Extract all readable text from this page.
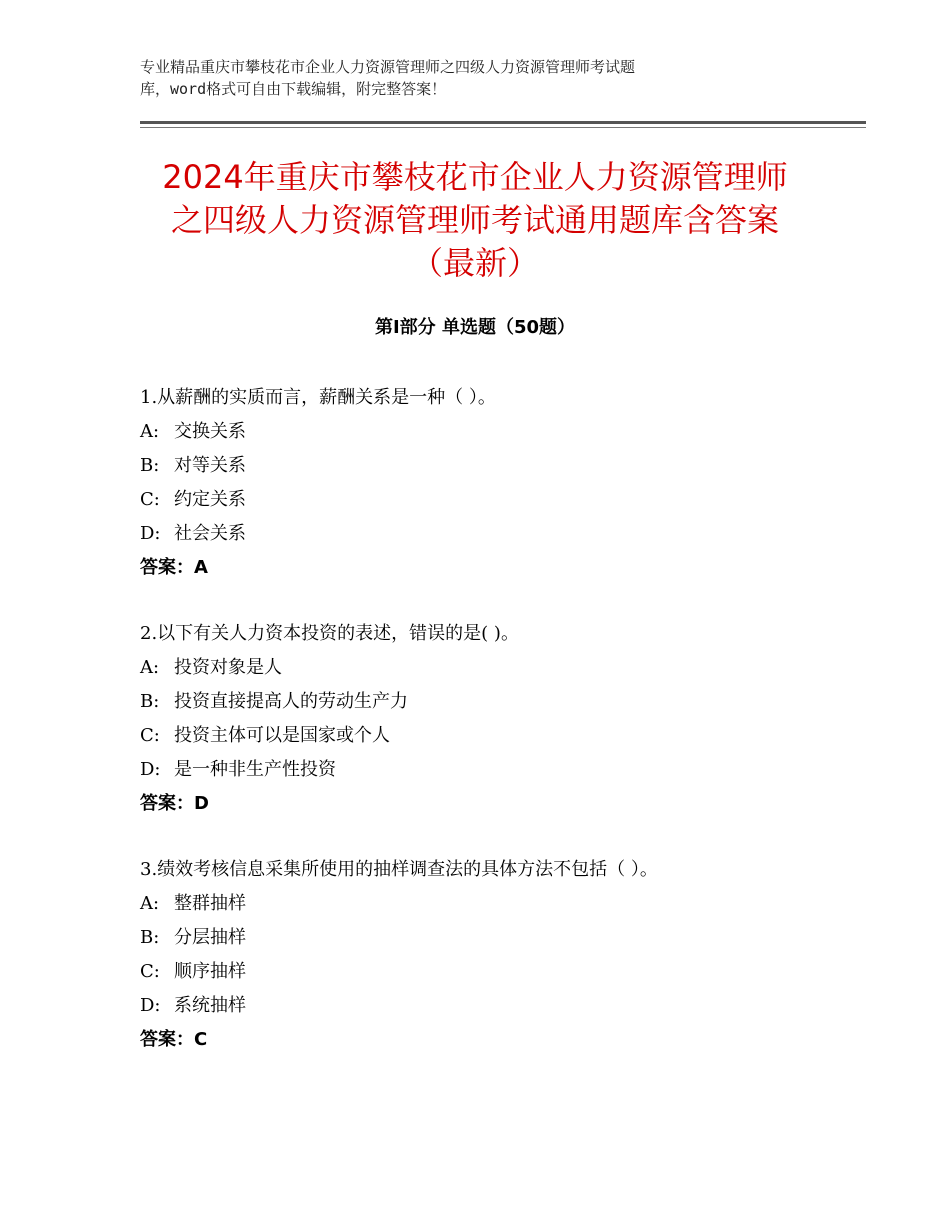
专业精品重庆市攀枝花市企业人力资源管理师之四级人力资源管理师考试题
库，word格式可自由下载编辑，附完整答案！
2024年重庆市攀枝花市企业人力资源管理师
之四级人力资源管理师考试通用题库含答案
（最新）
第Ⅰ部分 单选题（50题）
1.从薪酬的实质而言，薪酬关系是一种（ ）。
A: 交换关系
B: 对等关系
C: 约定关系
D: 社会关系
答案：A
2.以下有关人力资本投资的表述，错误的是( )。
A: 投资对象是人
B: 投资直接提高人的劳动生产力
C: 投资主体可以是国家或个人
D: 是一种非生产性投资
答案：D
3.绩效考核信息采集所使用的抽样调查法的具体方法不包括（ ）。
A: 整群抽样
B: 分层抽样
C: 顺序抽样
D: 系统抽样
答案：C
